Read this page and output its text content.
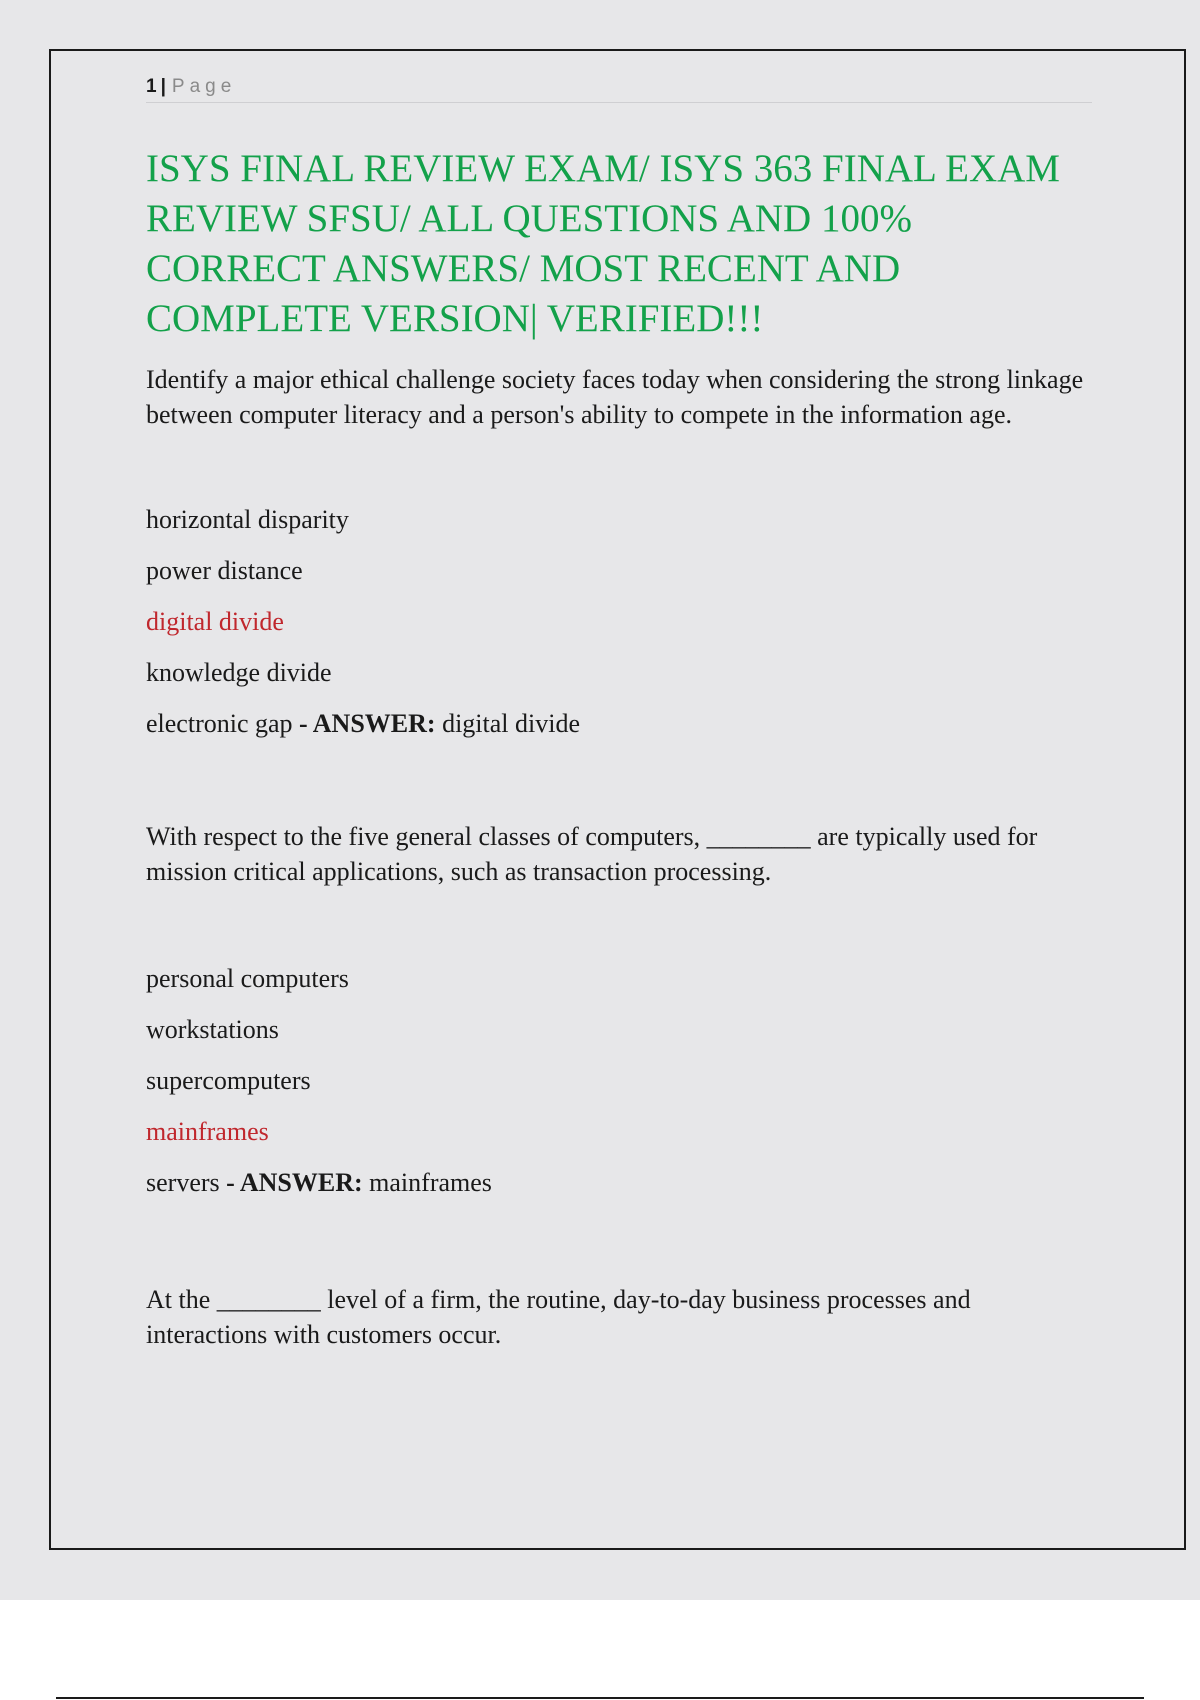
1 | Page
ISYS FINAL REVIEW EXAM/ ISYS 363 FINAL EXAM REVIEW SFSU/ ALL QUESTIONS AND 100% CORRECT ANSWERS/ MOST RECENT AND COMPLETE VERSION| VERIFIED!!!

Identify a major ethical challenge society faces today when considering the strong linkage between computer literacy and a person's ability to compete in the information age.

horizontal disparity
power distance
digital divide
knowledge divide
electronic gap - ANSWER: digital divide

With respect to the five general classes of computers, ________ are typically used for mission critical applications, such as transaction processing.

personal computers
workstations
supercomputers
mainframes
servers - ANSWER: mainframes

At the ________ level of a firm, the routine, day-to-day business processes and interactions with customers occur.
